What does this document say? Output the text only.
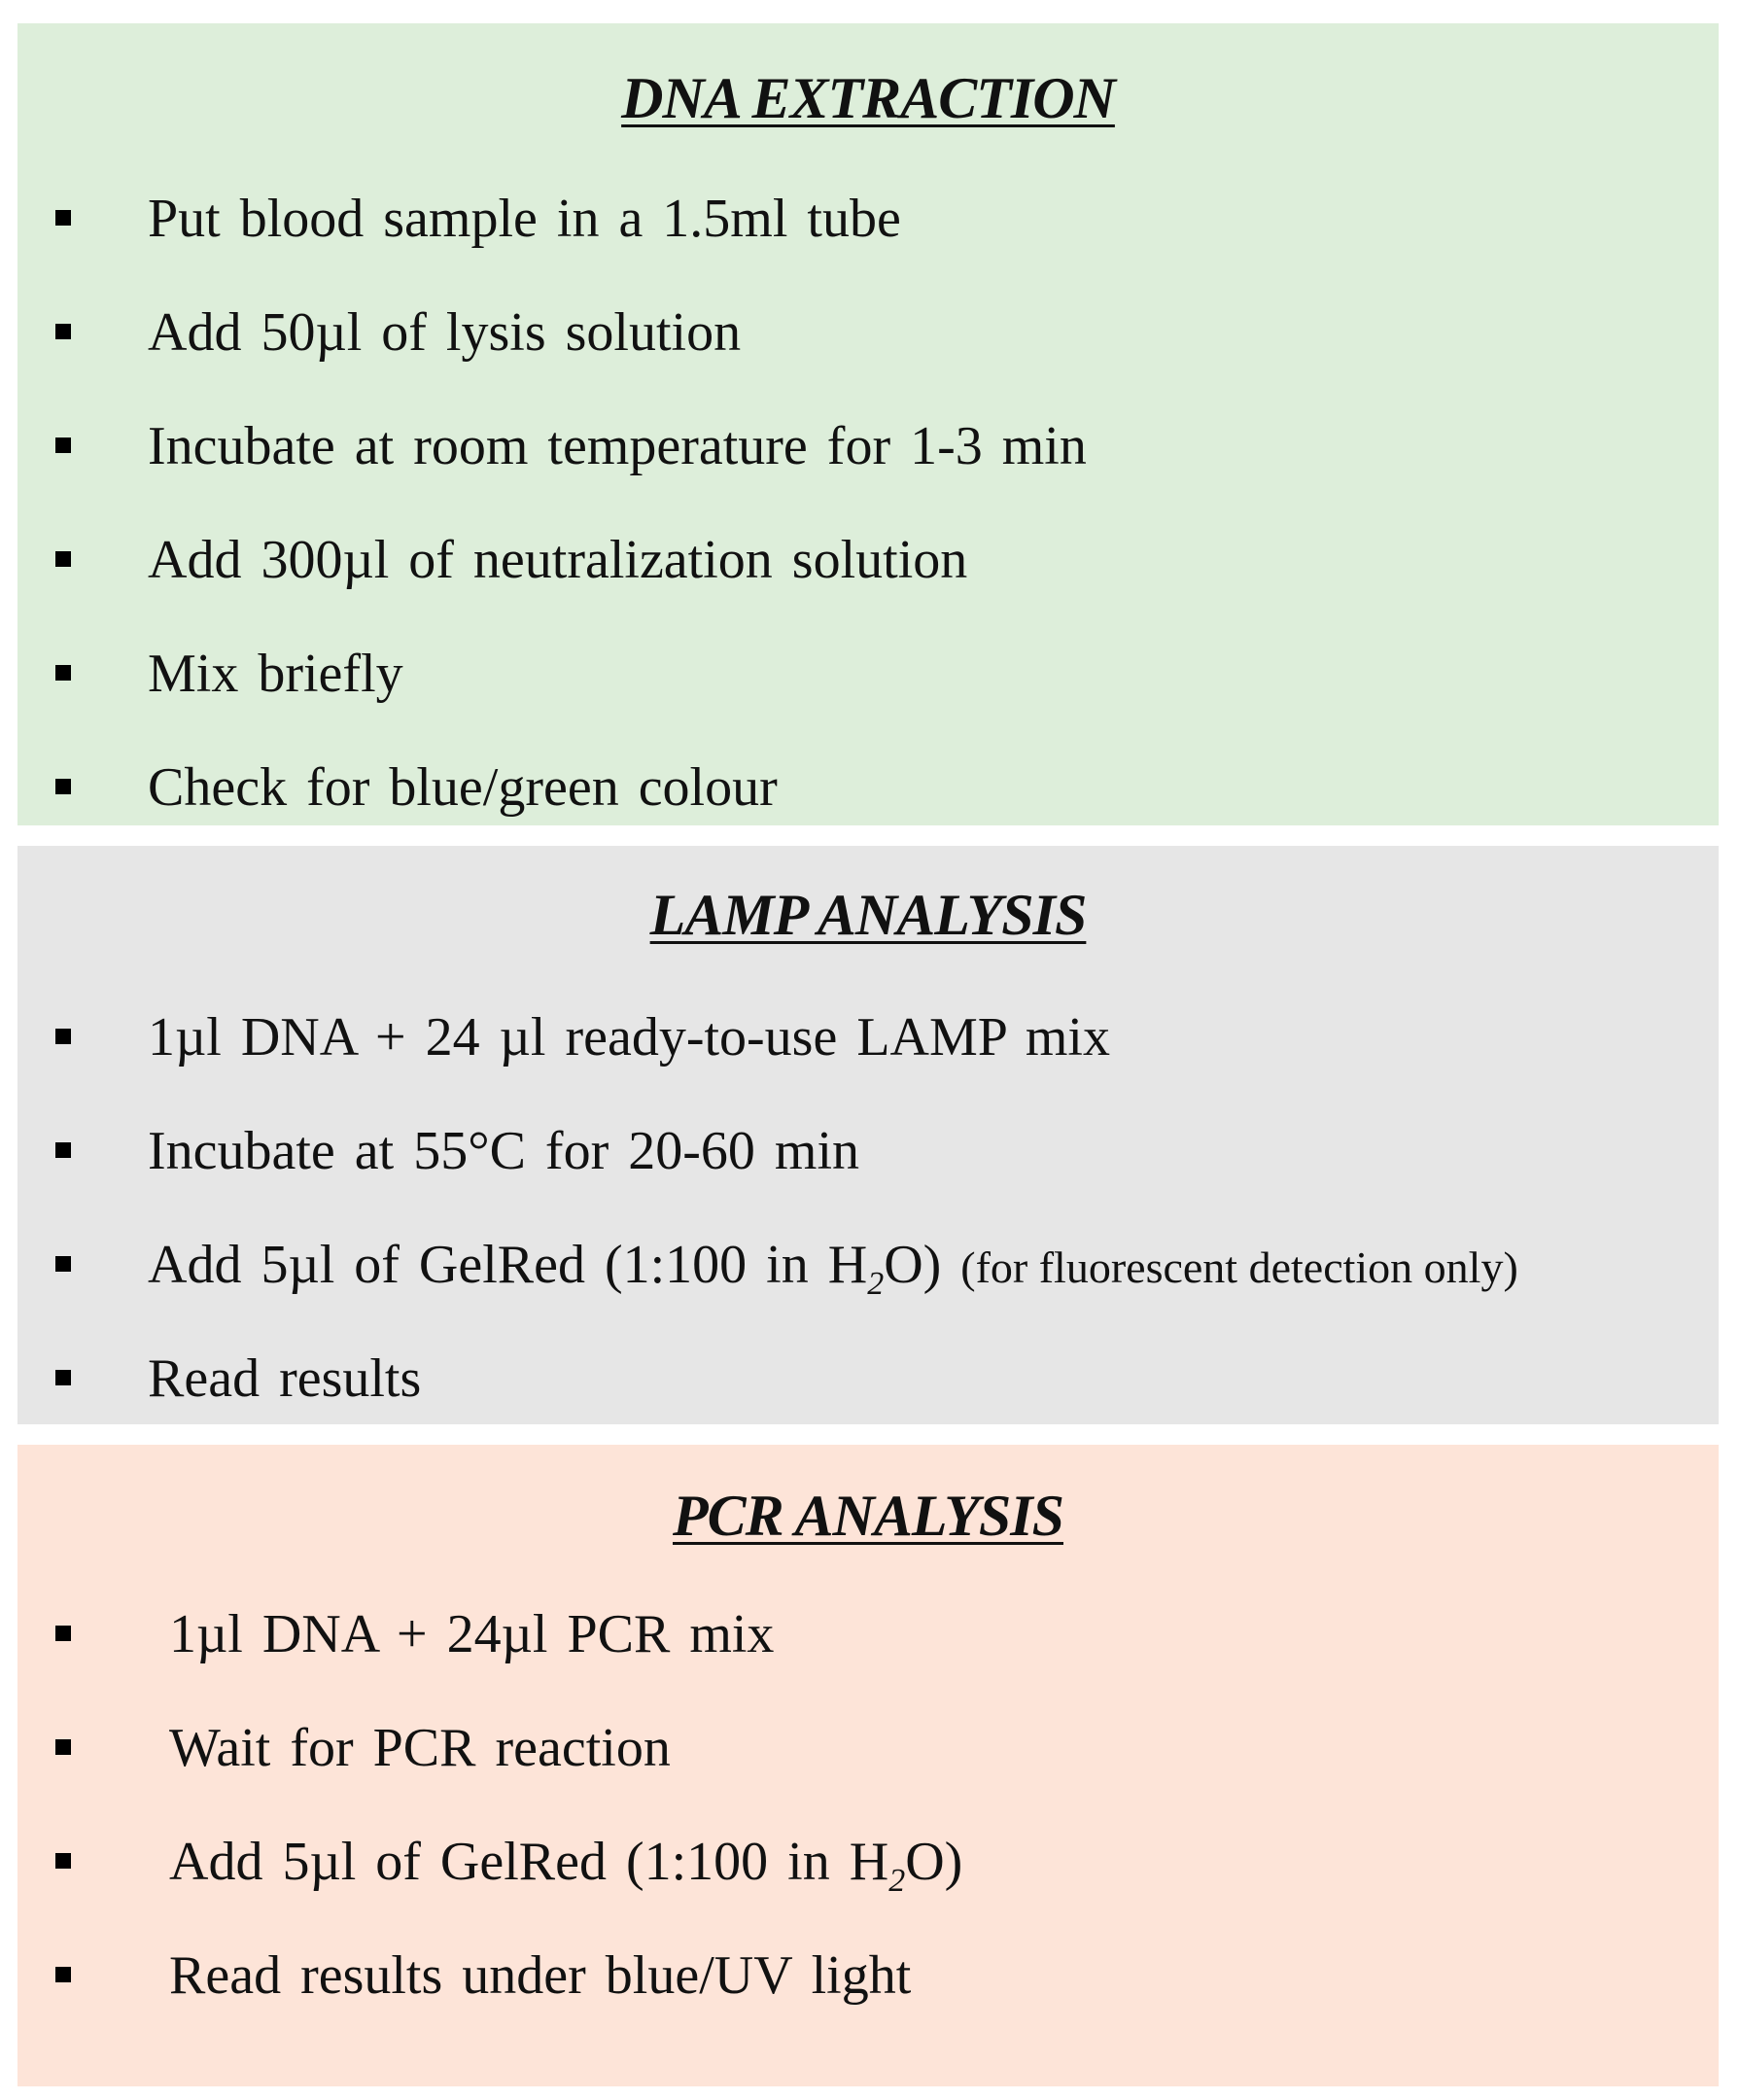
DNA EXTRACTION
Put blood sample in a 1.5ml tube
Add 50µl of lysis solution
Incubate at room temperature for 1-3 min
Add 300µl of neutralization solution
Mix briefly
Check for blue/green colour
LAMP ANALYSIS
1µl DNA + 24 µl ready-to-use LAMP mix
Incubate at 55°C for 20-60 min
Add 5µl of GelRed (1:100 in $H_2O$) (for fluorescent detection only)
Read results
PCR ANALYSIS
1µl DNA + 24µl PCR mix
Wait for PCR reaction
Add 5µl of GelRed (1:100 in $H_2O$)
Read results under blue/UV light
